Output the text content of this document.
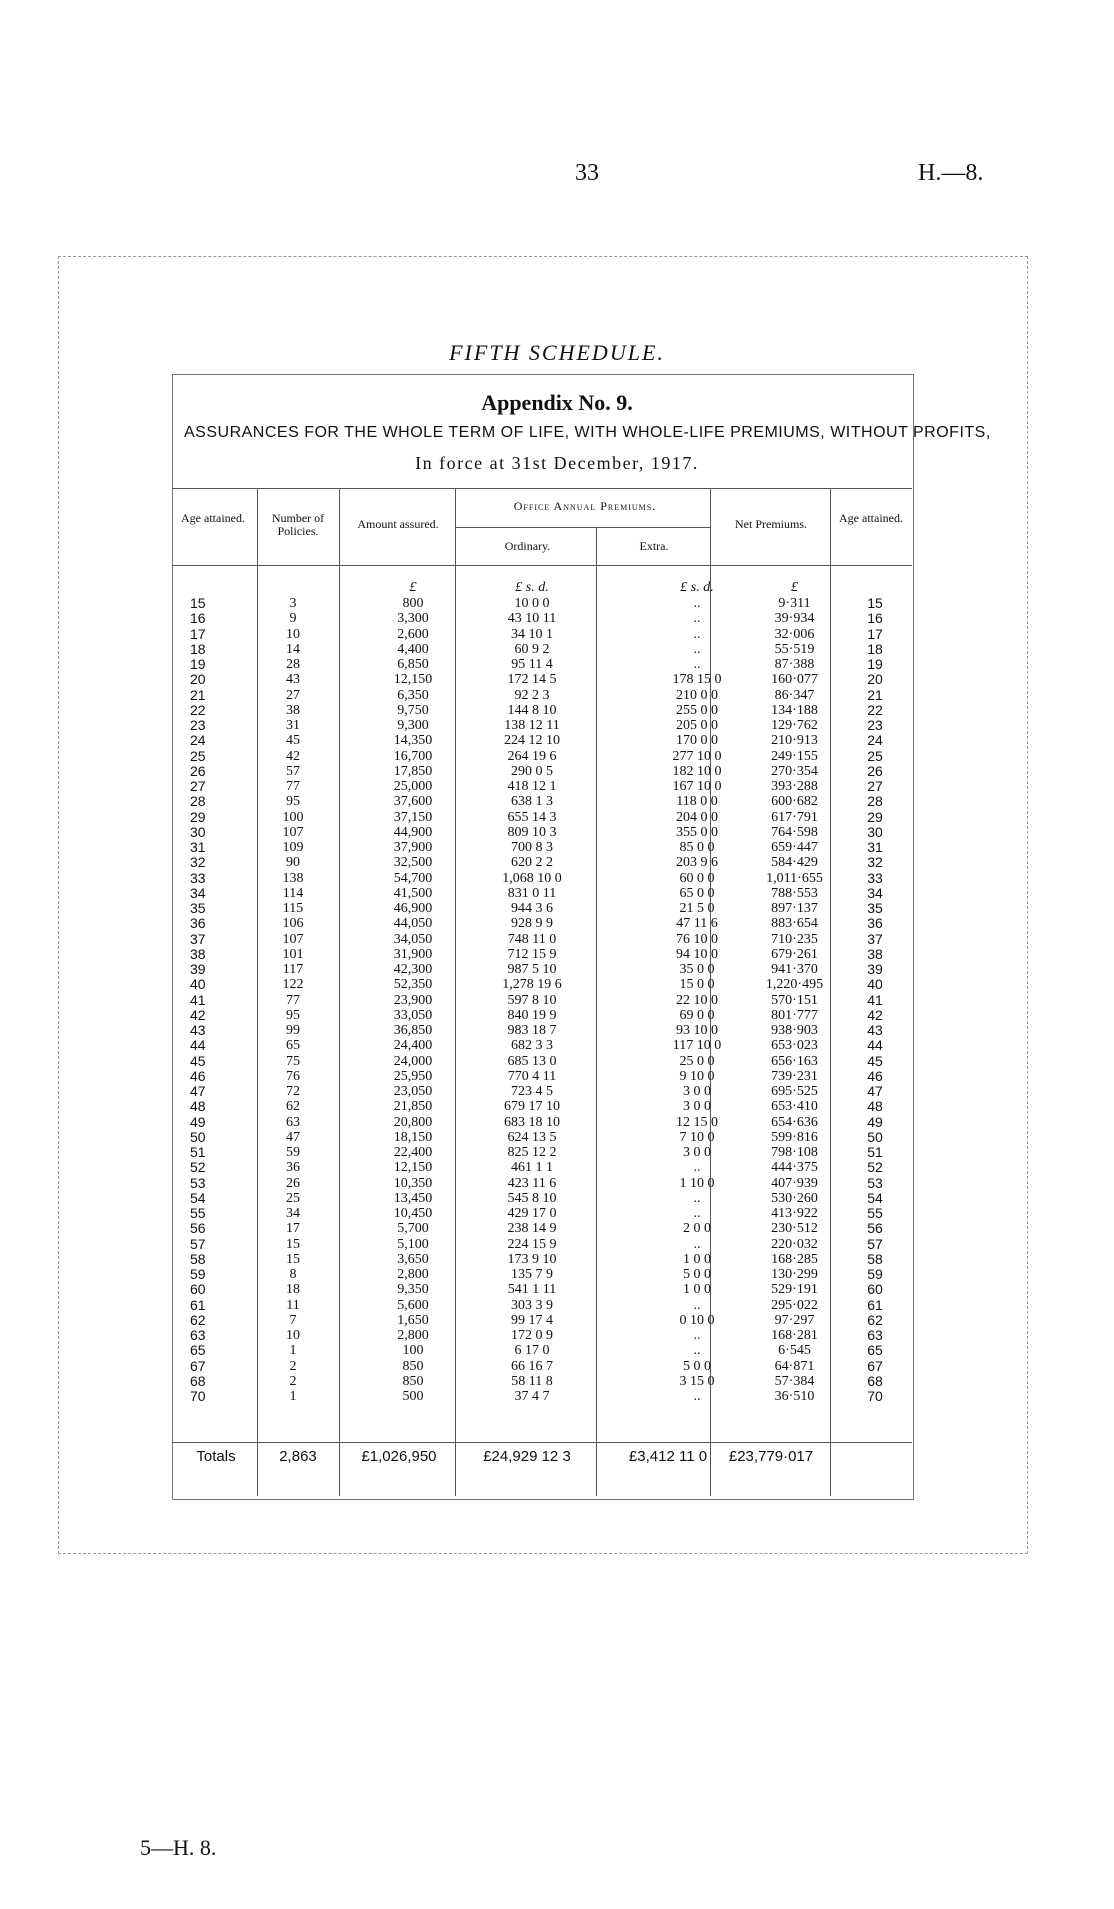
33	H.—8.
FIFTH SCHEDULE.
Appendix No. 9.
ASSURANCES FOR THE WHOLE TERM OF LIFE, WITH WHOLE-LIFE PREMIUMS, WITHOUT PROFITS,
In force at 31st December, 1917.
Age attained.	Number of Policies.	Amount assured.
Office Annual Premiums.
Ordinary.	Extra.
Net Premiums.	Age attained.
£	£ s. d.	£ s. d.	£
15	3	800	10 0 0	..	9·311	15
16	9	3,300	43 10 11	..	39·934	16
17	10	2,600	34 10 1	..	32·006	17
18	14	4,400	60 9 2	..	55·519	18
19	28	6,850	95 11 4	..	87·388	19
20	43	12,150	172 14 5	178 15 0	160·077	20
21	27	6,350	92 2 3	210 0 0	86·347	21
22	38	9,750	144 8 10	255 0 0	134·188	22
23	31	9,300	138 12 11	205 0 0	129·762	23
24	45	14,350	224 12 10	170 0 0	210·913	24
25	42	16,700	264 19 6	277 10 0	249·155	25
26	57	17,850	290 0 5	182 10 0	270·354	26
27	77	25,000	418 12 1	167 10 0	393·288	27
28	95	37,600	638 1 3	118 0 0	600·682	28
29	100	37,150	655 14 3	204 0 0	617·791	29
30	107	44,900	809 10 3	355 0 0	764·598	30
31	109	37,900	700 8 3	85 0 0	659·447	31
32	90	32,500	620 2 2	203 9 6	584·429	32
33	138	54,700	1,068 10 0	60 0 0	1,011·655	33
34	114	41,500	831 0 11	65 0 0	788·553	34
35	115	46,900	944 3 6	21 5 0	897·137	35
36	106	44,050	928 9 9	47 11 6	883·654	36
37	107	34,050	748 11 0	76 10 0	710·235	37
38	101	31,900	712 15 9	94 10 0	679·261	38
39	117	42,300	987 5 10	35 0 0	941·370	39
40	122	52,350	1,278 19 6	15 0 0	1,220·495	40
41	77	23,900	597 8 10	22 10 0	570·151	41
42	95	33,050	840 19 9	69 0 0	801·777	42
43	99	36,850	983 18 7	93 10 0	938·903	43
44	65	24,400	682 3 3	117 10 0	653·023	44
45	75	24,000	685 13 0	25 0 0	656·163	45
46	76	25,950	770 4 11	9 10 0	739·231	46
47	72	23,050	723 4 5	3 0 0	695·525	47
48	62	21,850	679 17 10	3 0 0	653·410	48
49	63	20,800	683 18 10	12 15 0	654·636	49
50	47	18,150	624 13 5	7 10 0	599·816	50
51	59	22,400	825 12 2	3 0 0	798·108	51
52	36	12,150	461 1 1	..	444·375	52
53	26	10,350	423 11 6	1 10 0	407·939	53
54	25	13,450	545 8 10	..	530·260	54
55	34	10,450	429 17 0	..	413·922	55
56	17	5,700	238 14 9	2 0 0	230·512	56
57	15	5,100	224 15 9	..	220·032	57
58	15	3,650	173 9 10	1 0 0	168·285	58
59	8	2,800	135 7 9	5 0 0	130·299	59
60	18	9,350	541 1 11	1 0 0	529·191	60
61	11	5,600	303 3 9	..	295·022	61
62	7	1,650	99 17 4	0 10 0	97·297	62
63	10	2,800	172 0 9	..	168·281	63
65	1	100	6 17 0	..	6·545	65
67	2	850	66 16 7	5 0 0	64·871	67
68	2	850	58 11 8	3 15 0	57·384	68
70	1	500	37 4 7	..	36·510	70
Totals	2,863	£1,026,950	£24,929 12 3	£3,412 11 0	£23,779·017
5—H. 8.
